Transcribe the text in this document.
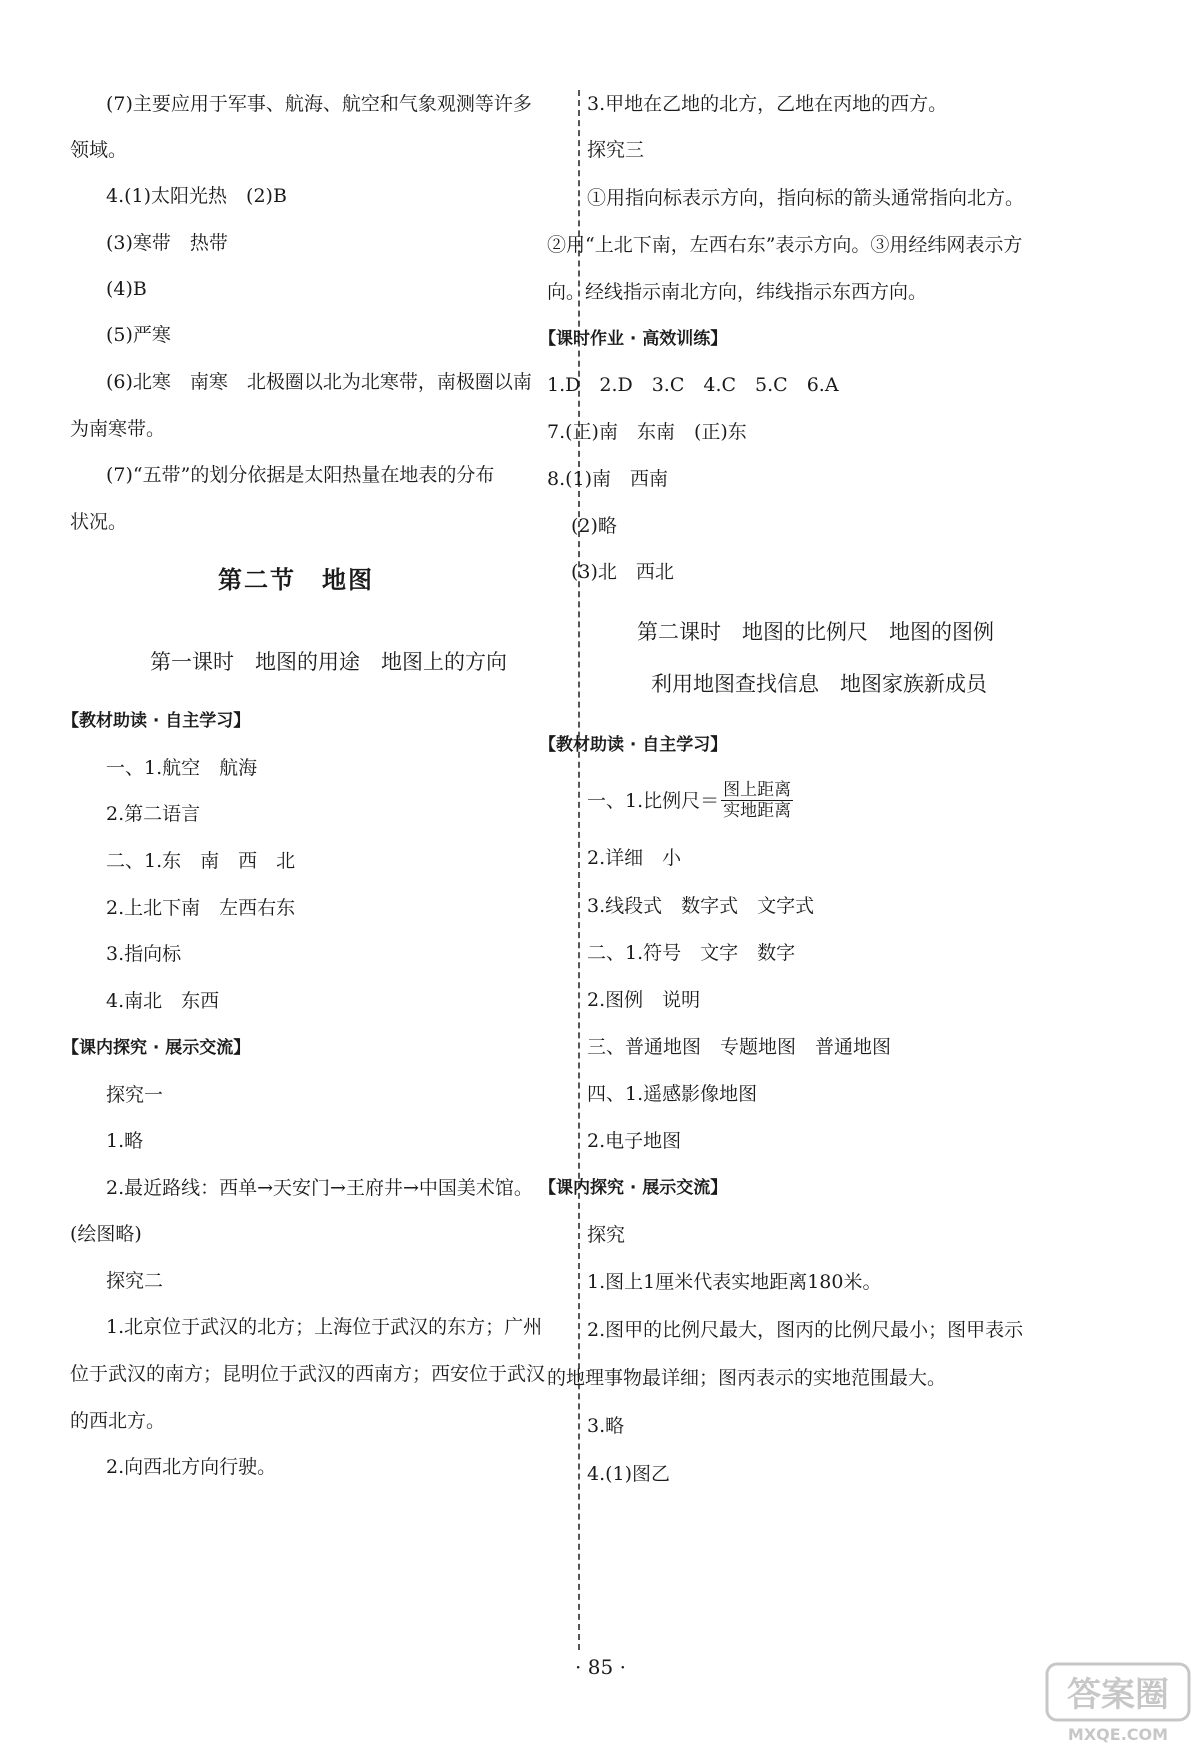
(7)主要应用于军事、航海、航空和气象观测等许多
领域。
4.(1)太阳光热　(2)B
(3)寒带　热带
(4)B
(5)严寒
(6)北寒　南寒　北极圈以北为北寒带，南极圈以南
为南寒带。
(7)“五带”的划分依据是太阳热量在地表的分布
状况。
【教材助读 · 自主学习】
一、1.航空　航海
2.第二语言
二、1.东　南　西　北
2.上北下南　左西右东
3.指向标
4.南北　东西
【课内探究 · 展示交流】
探究一
1.略
2.最近路线：西单→天安门→王府井→中国美术馆。
(绘图略)
探究二
1.北京位于武汉的北方；上海位于武汉的东方；广州
位于武汉的南方；昆明位于武汉的西南方；西安位于武汉
的西北方。
2.向西北方向行驶。
第二节　地图
第一课时　地图的用途　地图上的方向
一、1.比例尺＝ $\frac{\text{图上距离}}{\text{实地距离}}$
3.甲地在乙地的北方，乙地在丙地的西方。
探究三
①用指向标表示方向，指向标的箭头通常指向北方。
②用“上北下南，左西右东”表示方向。③用经纬网表示方
向。经线指示南北方向，纬线指示东西方向。
【课时作业 · 高效训练】
1.D　2.D　3.C　4.C　5.C　6.A
7.(正)南　东南　(正)东
8.(1)南　西南
(2)略
(3)北　西北
【教材助读 · 自主学习】
2.详细　小
3.线段式　数字式　文字式
二、1.符号　文字　数字
2.图例　说明
三、普通地图　专题地图　普通地图
四、1.遥感影像地图
2.电子地图
【课内探究 · 展示交流】
探究
1.图上1厘米代表实地距离180米。
2.图甲的比例尺最大，图丙的比例尺最小；图甲表示
的地理事物最详细；图丙表示的实地范围最大。
3.略
4.(1)图乙
第二课时　地图的比例尺　地图的图例
利用地图查找信息　地图家族新成员
· 85 ·
答案圈
MXQE.COM
